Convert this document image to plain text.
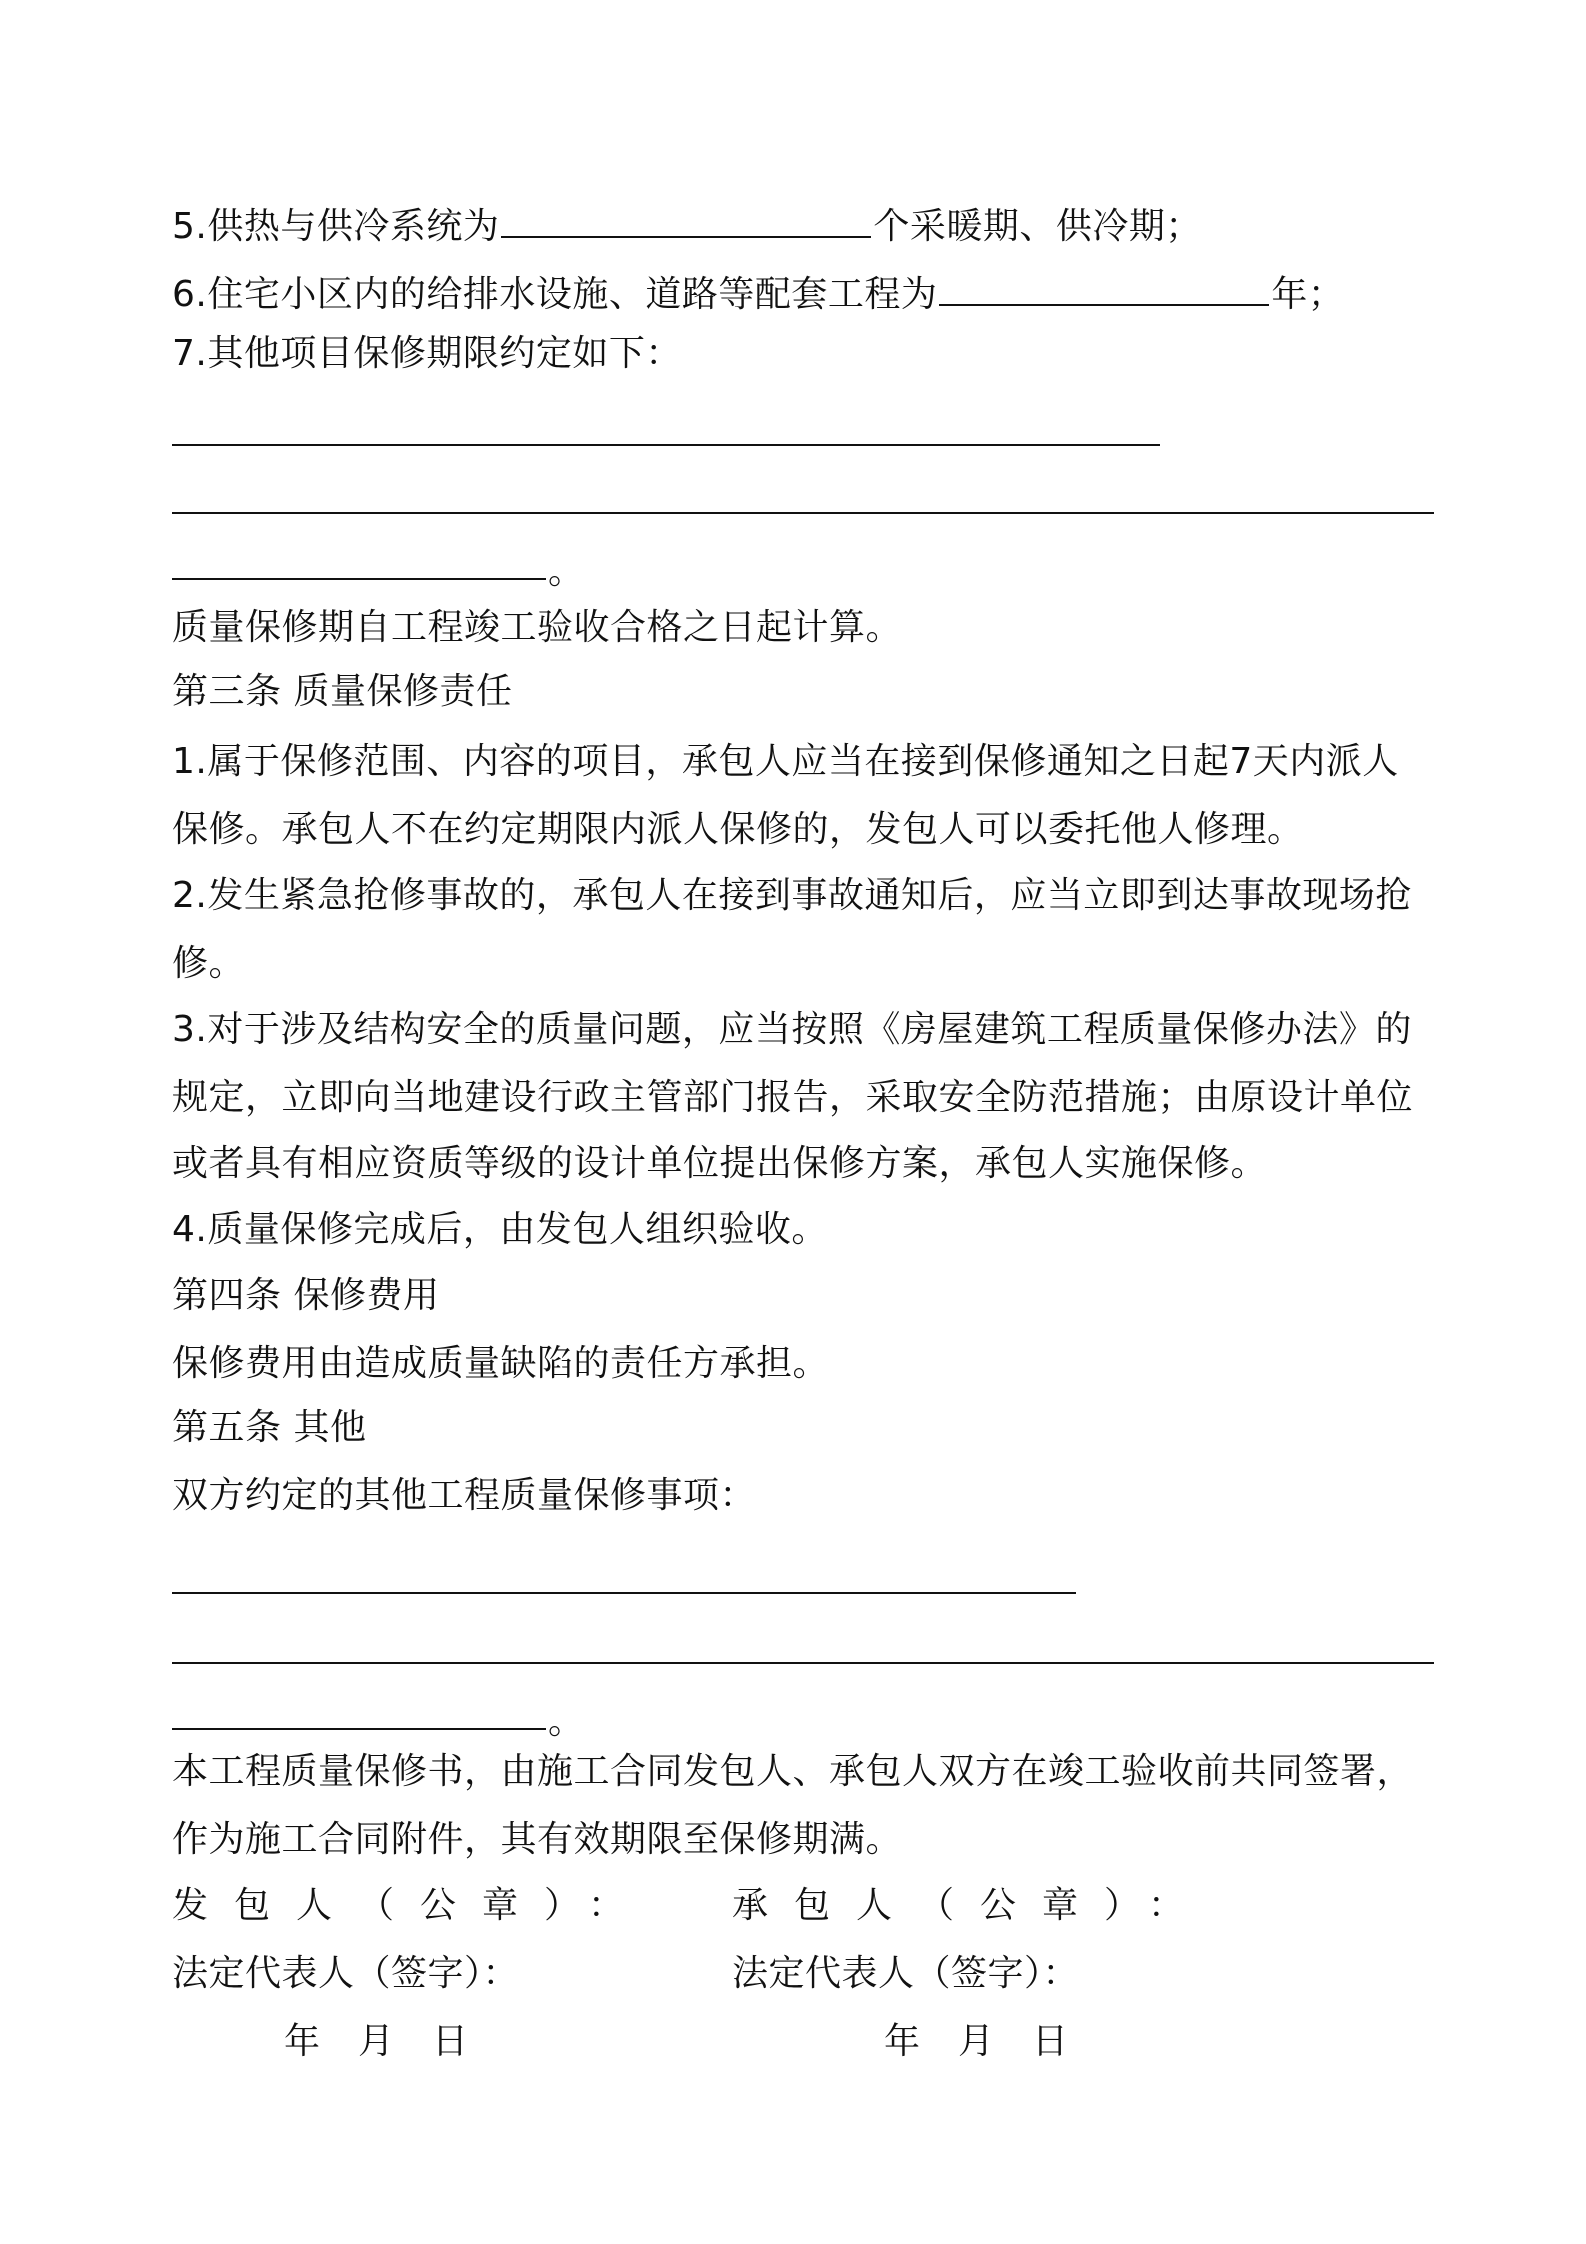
5.供热与供冷系统为	个采暖期、供冷期；
6.住宅小区内的给排水设施、道路等配套工程为	年；
7.其他项目保修期限约定如下：
。
质量保修期自工程竣工验收合格之日起计算。
第三条 质量保修责任
1.属于保修范围、内容的项目，承包人应当在接到保修通知之日起7天内派人
保修。承包人不在约定期限内派人保修的，发包人可以委托他人修理。
2.发生紧急抢修事故的，承包人在接到事故通知后，应当立即到达事故现场抢
修。
3.对于涉及结构安全的质量问题，应当按照《房屋建筑工程质量保修办法》的
规定，立即向当地建设行政主管部门报告，采取安全防范措施；由原设计单位
或者具有相应资质等级的设计单位提出保修方案，承包人实施保修。
4.质量保修完成后，由发包人组织验收。
第四条 保修费用
保修费用由造成质量缺陷的责任方承担。
第五条 其他
双方约定的其他工程质量保修事项：
。
本工程质量保修书，由施工合同发包人、承包人双方在竣工验收前共同签署，
作为施工合同附件，其有效期限至保修期满。
发包人（公章）： 承包人（公章）：
法定代表人（签字）：	法定代表人（签字）：
年 月 日	年 月 日
